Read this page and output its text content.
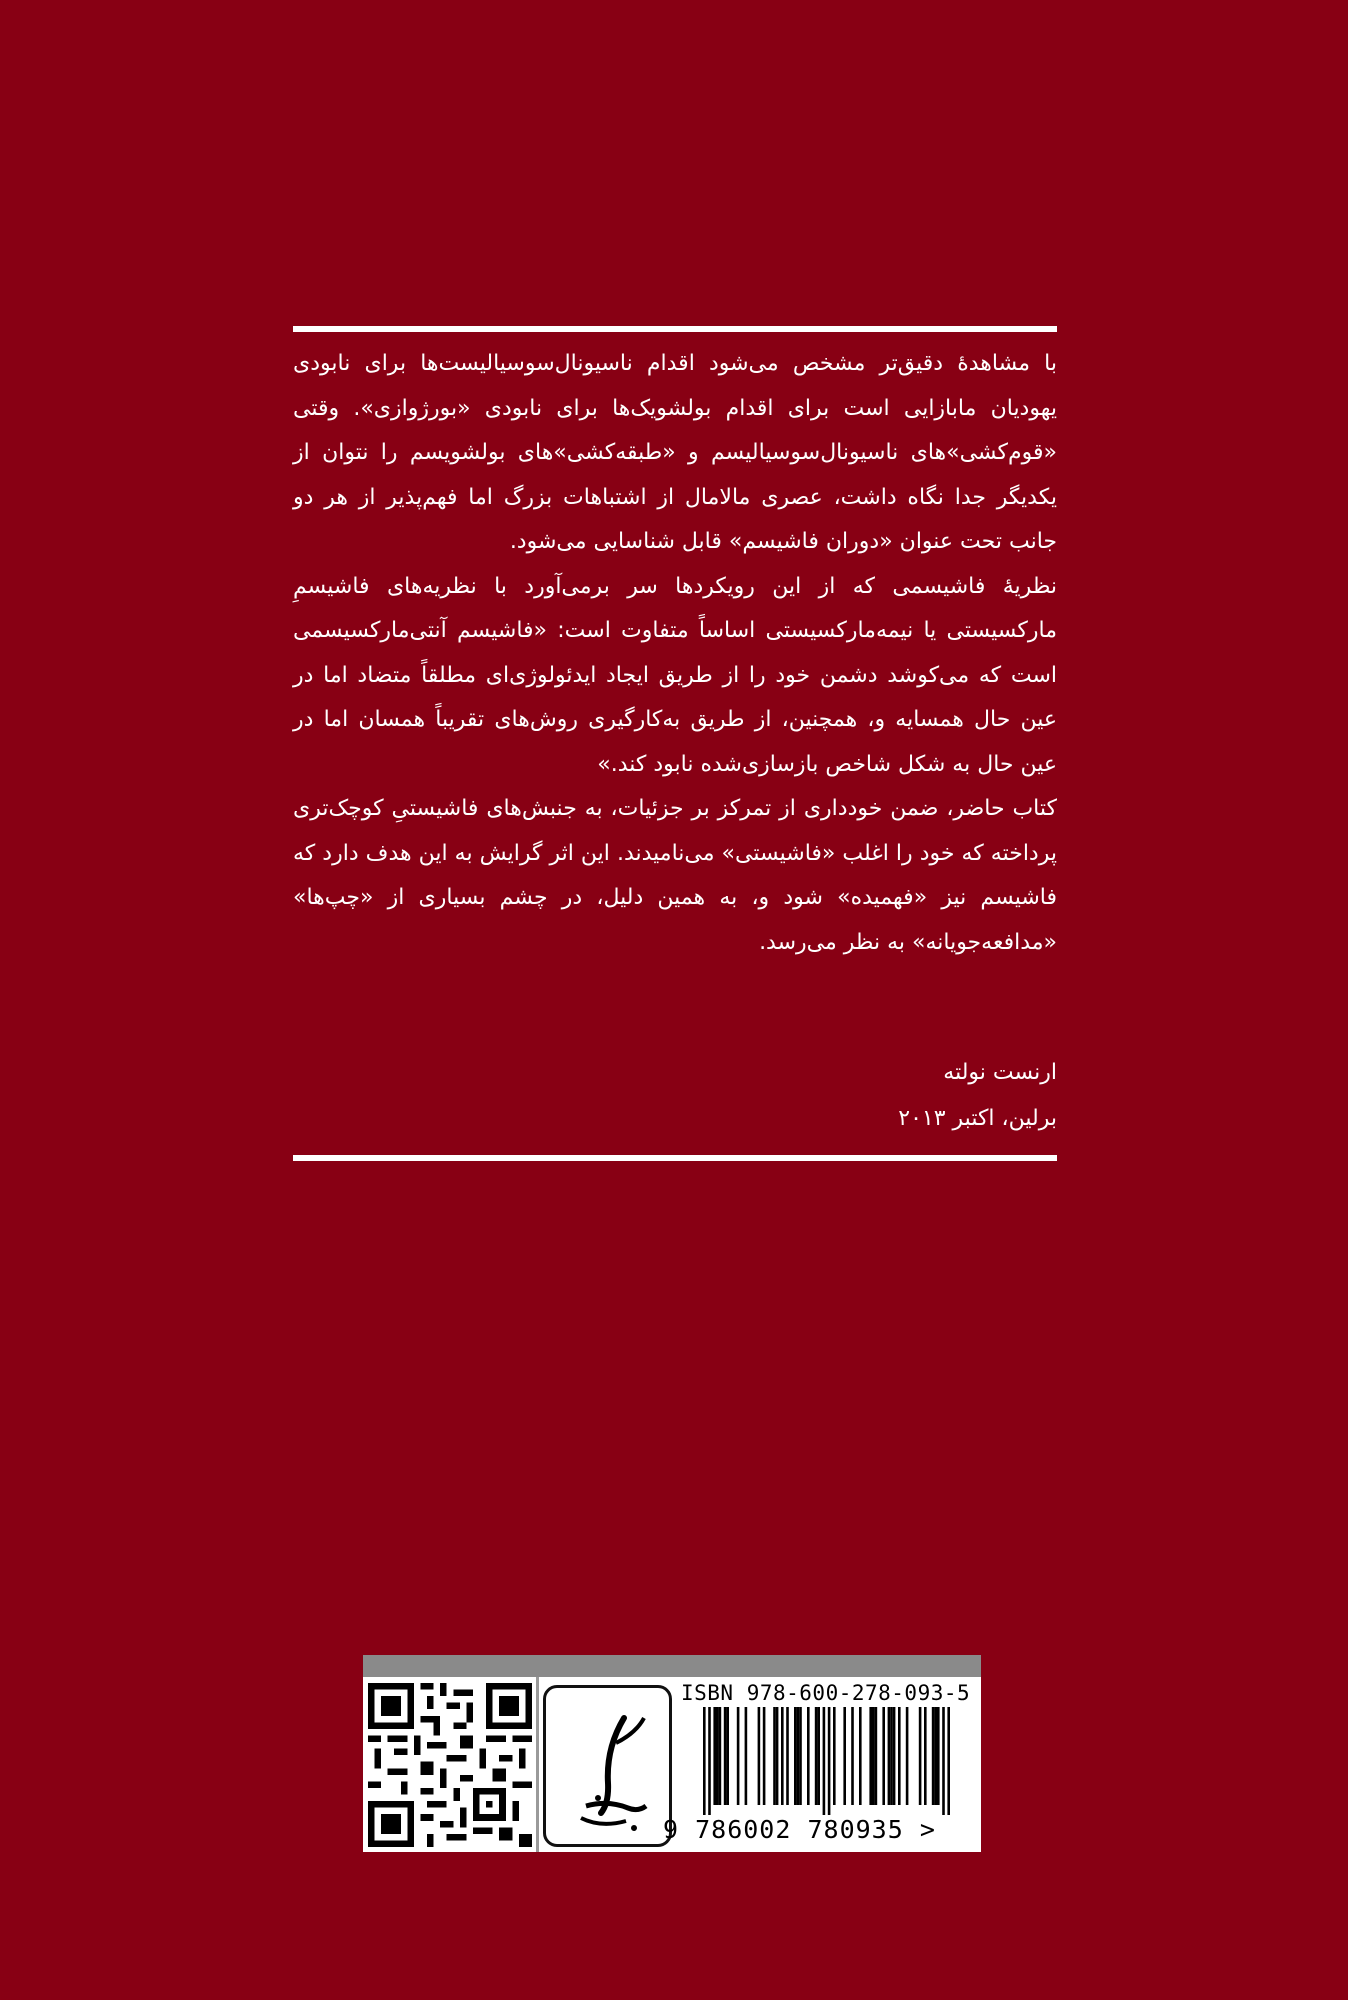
با مشاهدهٔ دقیق‌تر مشخص می‌شود اقدام ناسیونال‌سوسیالیست‌ها برای نابودی یهودیان مابازایی است برای اقدام بولشویک‌ها برای نابودی «بورژوازی». وقتی «قوم‌کشی»های ناسیونال‌سوسیالیسم و «طبقه‌کشی»های بولشویسم را نتوان از یکدیگر جدا نگاه داشت، عصری مالامال از اشتباهات بزرگ اما فهم‌پذیر از هر دو جانب تحت عنوان «دوران فاشیسم» قابل شناسایی می‌شود.

نظریهٔ فاشیسمی که از این رویکردها سر برمی‌آورد با نظریه‌های فاشیسمِ مارکسیستی یا نیمه‌مارکسیستی اساساً متفاوت است: «فاشیسم آنتی‌مارکسیسمی است که می‌کوشد دشمن خود را از طریق ایجاد ایدئولوژی‌ای مطلقاً متضاد اما در عین حال همسایه و، همچنین، از طریق به‌کارگیری روش‌های تقریباً همسان اما در عین حال به شکل شاخص بازسازی‌شده نابود کند.»

کتاب حاضر، ضمن خودداری از تمرکز بر جزئیات، به جنبش‌های فاشیستیِ کوچک‌تری پرداخته که خود را اغلب «فاشیستی» می‌نامیدند. این اثر گرایش به این هدف دارد که فاشیسم نیز «فهمیده» شود و، به همین دلیل، در چشم بسیاری از «چپ‌ها» «مدافعه‌جویانه» به نظر می‌رسد.

ارنست نولته
برلین، اکتبر ۲۰۱۳
ISBN 978-600-278-093-5
9 786002 780935 >
